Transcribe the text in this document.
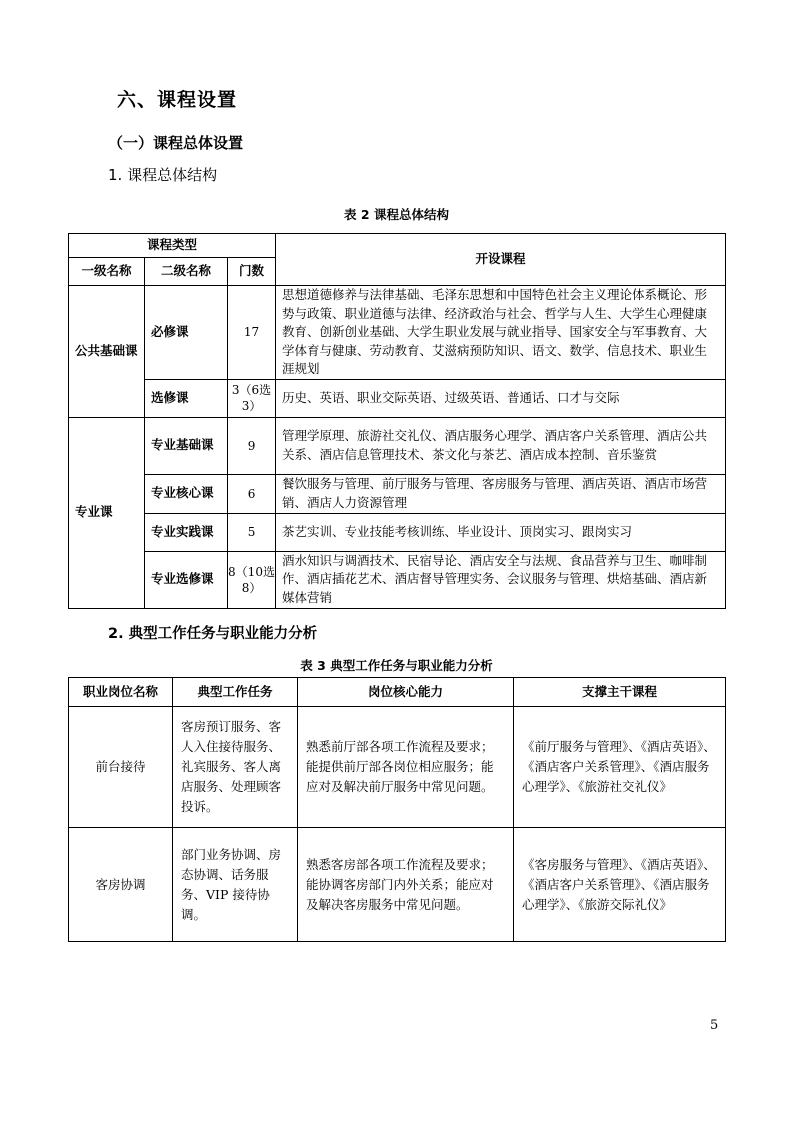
六、课程设置
（一）课程总体设置
1. 课程总体结构
表 2 课程总体结构
课程类型			开设课程
一级名称	二级名称	门数	
公共基础课	必修课	17	思想道德修养与法律基础、毛泽东思想和中国特色社会主义理论体系概论、形势与政策、职业道德与法律、经济政治与社会、哲学与人生、大学生心理健康教育、创新创业基础、大学生职业发展与就业指导、国家安全与军事教育、大学体育与健康、劳动教育、艾滋病预防知识、语文、数学、信息技术、职业生涯规划
	选修课	3（6选 3）	历史、英语、职业交际英语、过级英语、普通话、口才与交际
专业课	专业基础课	9	管理学原理、旅游社交礼仪、酒店服务心理学、酒店客户关系管理、酒店公共关系、酒店信息管理技术、茶文化与茶艺、酒店成本控制、音乐鉴赏
	专业核心课	6	餐饮服务与管理、前厅服务与管理、客房服务与管理、酒店英语、酒店市场营销、酒店人力资源管理
	专业实践课	5	茶艺实训、专业技能考核训练、毕业设计、顶岗实习、跟岗实习
	专业选修课	8（10选 8）	酒水知识与调酒技术、民宿导论、酒店安全与法规、食品营养与卫生、咖啡制作、酒店插花艺术、酒店督导管理实务、会议服务与管理、烘焙基础、酒店新媒体营销
2. 典型工作任务与职业能力分析
表 3 典型工作任务与职业能力分析
职业岗位名称	典型工作任务	岗位核心能力	支撑主干课程
前台接待	客房预订服务、客人入住接待服务、礼宾服务、客人离店服务、处理顾客投诉。	熟悉前厅部各项工作流程及要求；能提供前厅部各岗位相应服务；能应对及解决前厅服务中常见问题。	《前厅服务与管理》、《酒店英语》、《酒店客户关系管理》、《酒店服务心理学》、《旅游社交礼仪》
客房协调	部门业务协调、房态协调、话务服务、VIP 接待协调。	熟悉客房部各项工作流程及要求；能协调客房部门内外关系；能应对及解决客房服务中常见问题。	《客房服务与管理》、《酒店英语》、《酒店客户关系管理》、《酒店服务心理学》、《旅游交际礼仪》
5
